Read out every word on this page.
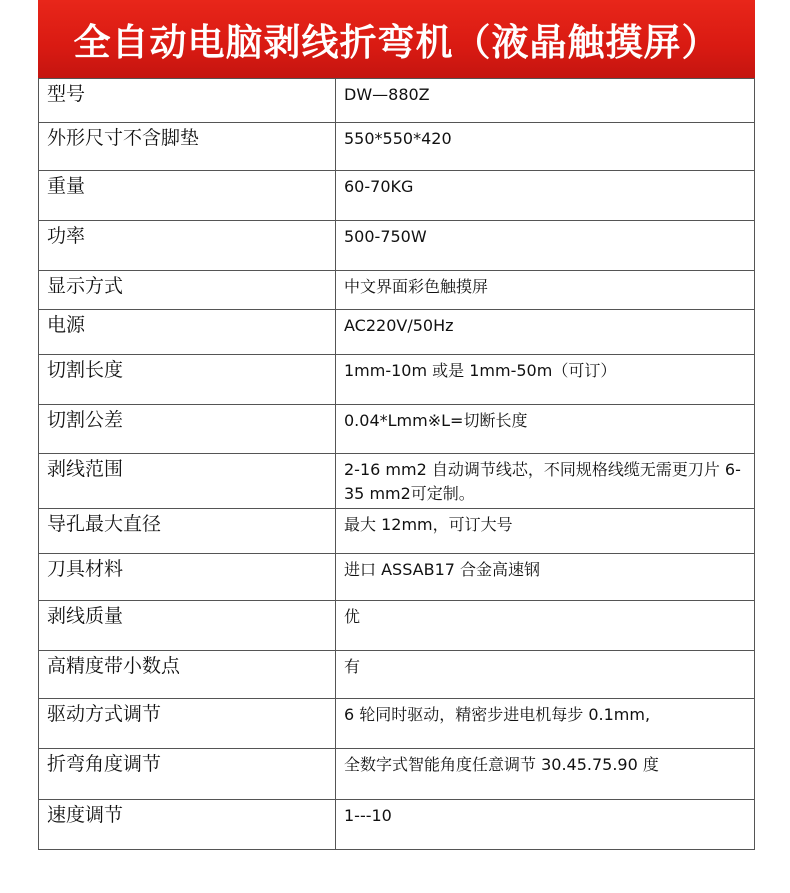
全自动电脑剥线折弯机（液晶触摸屏）
型号	DW—880Z
外形尺寸不含脚垫	550*550*420
重量	60-70KG
功率	500-750W
显示方式	中文界面彩色触摸屏
电源	AC220V/50Hz
切割长度	1mm-10m 或是 1mm-50m（可订）
切割公差	0.04*Lmm※L=切断长度
剥线范围	2-16 mm2 自动调节线芯，不同规格线缆无需更刀片 6-35 mm2可定制。
导孔最大直径	最大 12mm，可订大号
刀具材料	进口 ASSAB17 合金高速钢
剥线质量	优
高精度带小数点	有
驱动方式调节	6 轮同时驱动，精密步进电机每步 0.1mm,
折弯角度调节	全数字式智能角度任意调节 30.45.75.90 度
速度调节	1---10
